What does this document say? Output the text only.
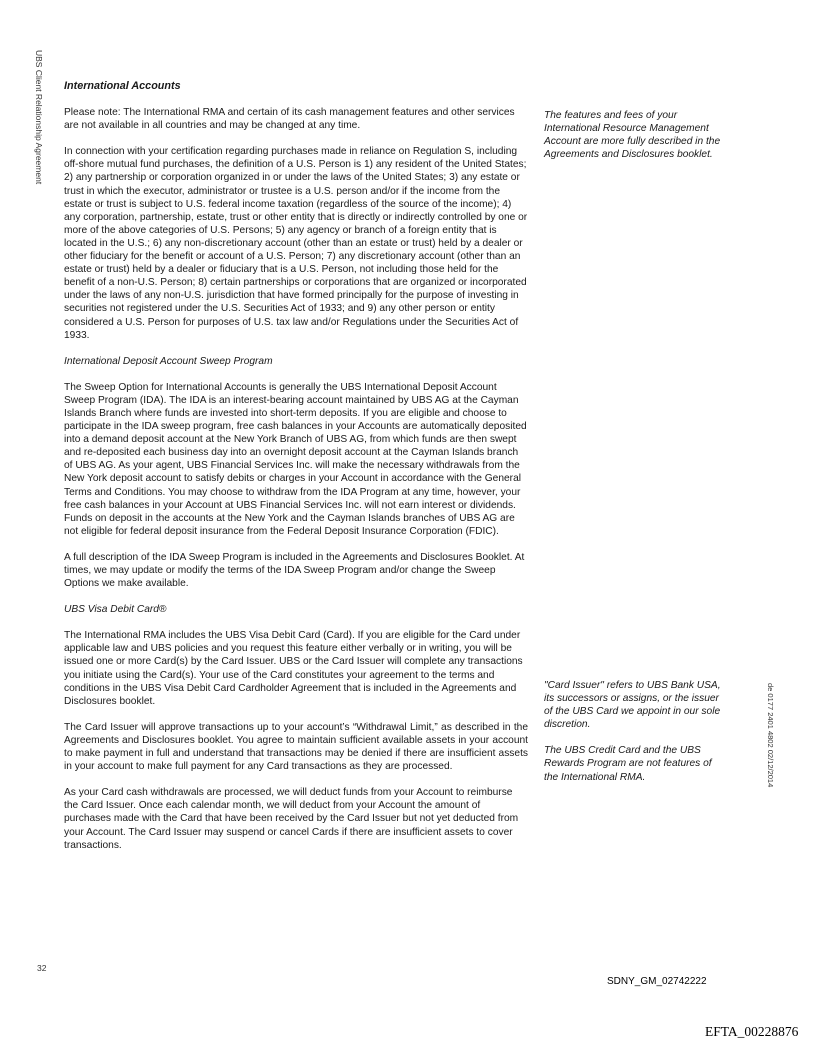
UBS Client Relationship Agreement International Accounts

Please note: The International RMA and certain of its cash management features and other services are not available in all countries and may be changed at any time.

In connection with your certification regarding purchases made in reliance on Regulation S, including off-shore mutual fund purchases, the definition of a U.S. Person is 1) any resident of the United States; 2) any partnership or corporation organized in or under the laws of the United States; 3) any estate or trust in which the executor, administrator or trustee is a U.S. person and/or if the income from the estate or trust is subject to U.S. federal income taxation (regardless of the source of the income); 4) any corporation, partnership, estate, trust or other entity that is directly or indirectly controlled by one or more of the above categories of U.S. Persons; 5) any agency or branch of a foreign entity that is located in the U.S.; 6) any non-discretionary account (other than an estate or trust) held by a dealer or other fiduciary for the benefit or account of a U.S. Person; 7) any discretionary account (other than an estate or trust) held by a dealer or fiduciary that is a U.S. Person, not including those held for the benefit of a non-U.S. Person; 8) certain partnerships or corporations that are organized or incorporated under the laws of any non-U.S. jurisdiction that have formed principally for the purpose of investing in securities not registered under the U.S. Securities Act of 1933; and 9) any other person or entity considered a U.S. Person for purposes of U.S. tax law and/or Regulations under the Securities Act of 1933.

International Deposit Account Sweep Program

The Sweep Option for International Accounts is generally the UBS International Deposit Account Sweep Program (IDA). The IDA is an interest-bearing account maintained by UBS AG at the Cayman Islands Branch where funds are invested into short-term deposits. If you are eligible and choose to participate in the IDA sweep program, free cash balances in your Accounts are automatically deposited into a demand deposit account at the New York Branch of UBS AG, from which funds are then swept and re-deposited each business day into an overnight deposit account at the Cayman Islands branch of UBS AG. As your agent, UBS Financial Services Inc. will make the necessary withdrawals from the New York deposit account to satisfy debits or charges in your Account in accordance with the General Terms and Conditions. You may choose to withdraw from the IDA Program at any time, however, your free cash balances in your Account at UBS Financial Services Inc. will not earn interest or dividends. Funds on deposit in the accounts at the New York and the Cayman Islands branches of UBS AG are not eligible for federal deposit insurance from the Federal Deposit Insurance Corporation (FDIC).

A full description of the IDA Sweep Program is included in the Agreements and Disclosures Booklet. At times, we may update or modify the terms of the IDA Sweep Program and/or change the Sweep Options we make available.

UBS Visa Debit Card®

The International RMA includes the UBS Visa Debit Card (Card). If you are eligible for the Card under applicable law and UBS policies and you request this feature either verbally or in writing, you will be issued one or more Card(s) by the Card Issuer. UBS or the Card Issuer will complete any transactions you initiate using the Card(s). Your use of the Card constitutes your agreement to the terms and conditions in the UBS Visa Debit Card Cardholder Agreement that is included in the Agreements and Disclosures booklet.

The Card Issuer will approve transactions up to your account’s “Withdrawal Limit,” as described in the Agreements and Disclosures booklet. You agree to maintain sufficient available assets in your account to make payment in full and understand that transactions may be denied if there are insufficient assets in your account to make full payment for any Card transactions as they are processed.

As your Card cash withdrawals are processed, we will deduct funds from your Account to reimburse the Card Issuer. Once each calendar month, we will deduct from your Account the amount of purchases made with the Card that have been received by the Card Issuer but not yet deducted from your Account. The Card Issuer may suspend or cancel Cards if there are insufficient assets to cover transactions.

The features and fees of your International Resource Management Account are more fully described in the Agreements and Disclosures booklet.

"Card Issuer" refers to UBS Bank USA, its successors or assigns, or the issuer of the UBS Card we appoint in our sole discretion.

The UBS Credit Card and the UBS Rewards Program are not features of the International RMA.	de 0177 2401 4802 02/12/2014
32
SDNY_GM_02742222
EFTA_00228876
